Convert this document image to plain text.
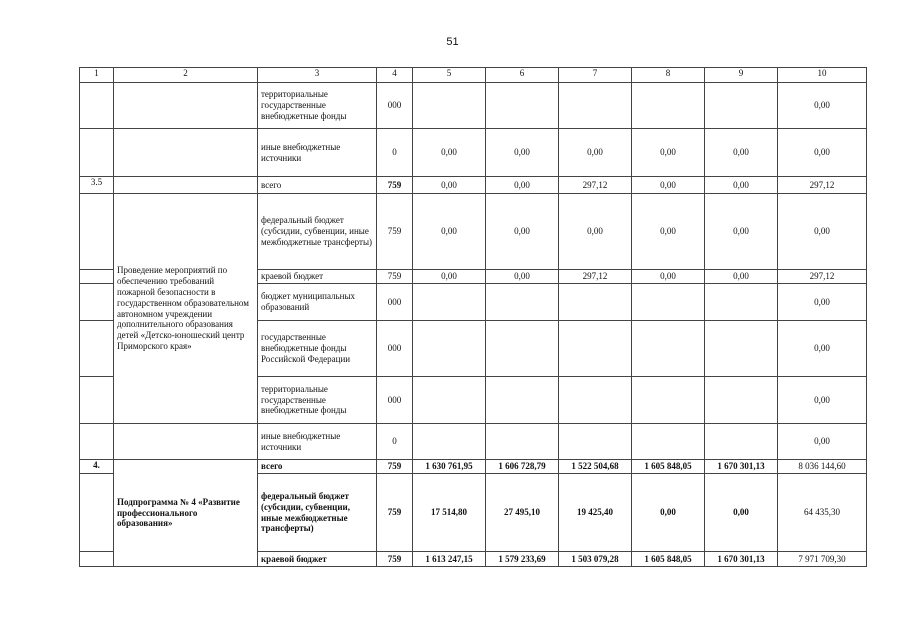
51
1	2	3	4	5	6	7	8	9	10
		территориальные государственные внебюджетные фонды	000						0,00
		иные внебюджетные источники	0	0,00	0,00	0,00	0,00	0,00	0,00
3.5		всего	759	0,00	0,00	297,12	0,00	0,00	297,12
	Проведение мероприятий по обеспечению требований пожарной безопасности в государственном образовательном автономном учреждении дополнительного образования детей «Детско-юношеский центр Приморского края»	федеральный бюджет (субсидии, субвенции, иные межбюджетные трансферты)	759	0,00	0,00	0,00	0,00	0,00	0,00
		краевой бюджет	759	0,00	0,00	297,12	0,00	0,00	297,12
		бюджет муниципальных образований	000						0,00
		государственные внебюджетные фонды Российской Федерации	000						0,00
		территориальные государственные внебюджетные фонды	000						0,00
		иные внебюджетные источники	0						0,00
4.	Подпрограмма № 4 «Развитие профессионального образования»	всего	759	1 630 761,95	1 606 728,79	1 522 504,68	1 605 848,05	1 670 301,13	8 036 144,60
		федеральный бюджет (субсидии, субвенции, иные межбюджетные трансферты)	759	17 514,80	27 495,10	19 425,40	0,00	0,00	64 435,30
		краевой бюджет	759	1 613 247,15	1 579 233,69	1 503 079,28	1 605 848,05	1 670 301,13	7 971 709,30
